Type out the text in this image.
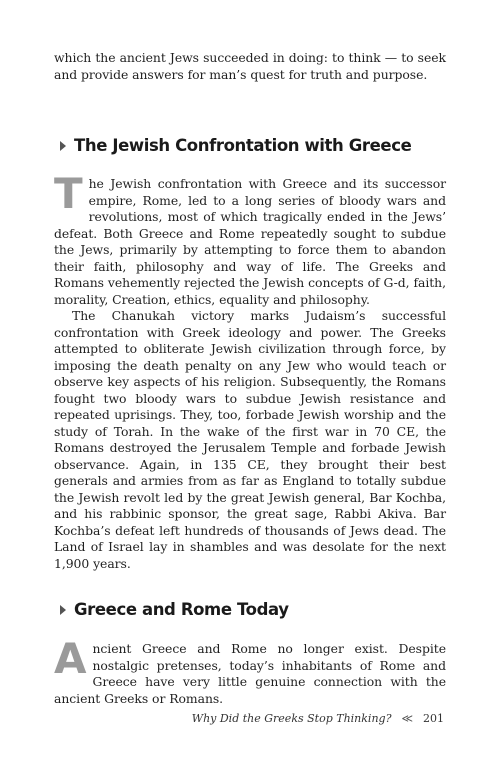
which the ancient Jews succeeded in doing: to think — to seek and provide answers for man’s quest for truth and purpose.

The Jewish Confrontation with Greece

The Jewish confrontation with Greece and its successor empire, Rome, led to a long series of bloody wars and revolutions, most of which tragically ended in the Jews’ defeat. Both Greece and Rome repeatedly sought to subdue the Jews, primarily by attempting to force them to abandon their faith, philosophy and way of life. The Greeks and Romans vehemently rejected the Jewish concepts of G-d, faith, morality, Creation, ethics, equality and philosophy.

The Chanukah victory marks Judaism’s successful confrontation with Greek ideology and power. The Greeks attempted to obliterate Jewish civilization through force, by imposing the death penalty on any Jew who would teach or observe key aspects of his religion. Subsequently, the Romans fought two bloody wars to subdue Jewish resistance and repeated uprisings. They, too, forbade Jewish worship and the study of Torah. In the wake of the first war in 70 CE, the Romans destroyed the Jerusalem Temple and forbade Jewish observance. Again, in 135 CE, they brought their best generals and armies from as far as England to totally subdue the Jewish revolt led by the great Jewish general, Bar Kochba, and his rabbinic sponsor, the great sage, Rabbi Akiva. Bar Kochba’s defeat left hundreds of thousands of Jews dead. The Land of Israel lay in shambles and was desolate for the next 1,900 years.

Greece and Rome Today

Ancient Greece and Rome no longer exist. Despite nostalgic pretenses, today’s inhabitants of Rome and Greece have very little genuine connection with the ancient Greeks or Romans.

Why Did the Greeks Stop Thinking? ≪ 201
